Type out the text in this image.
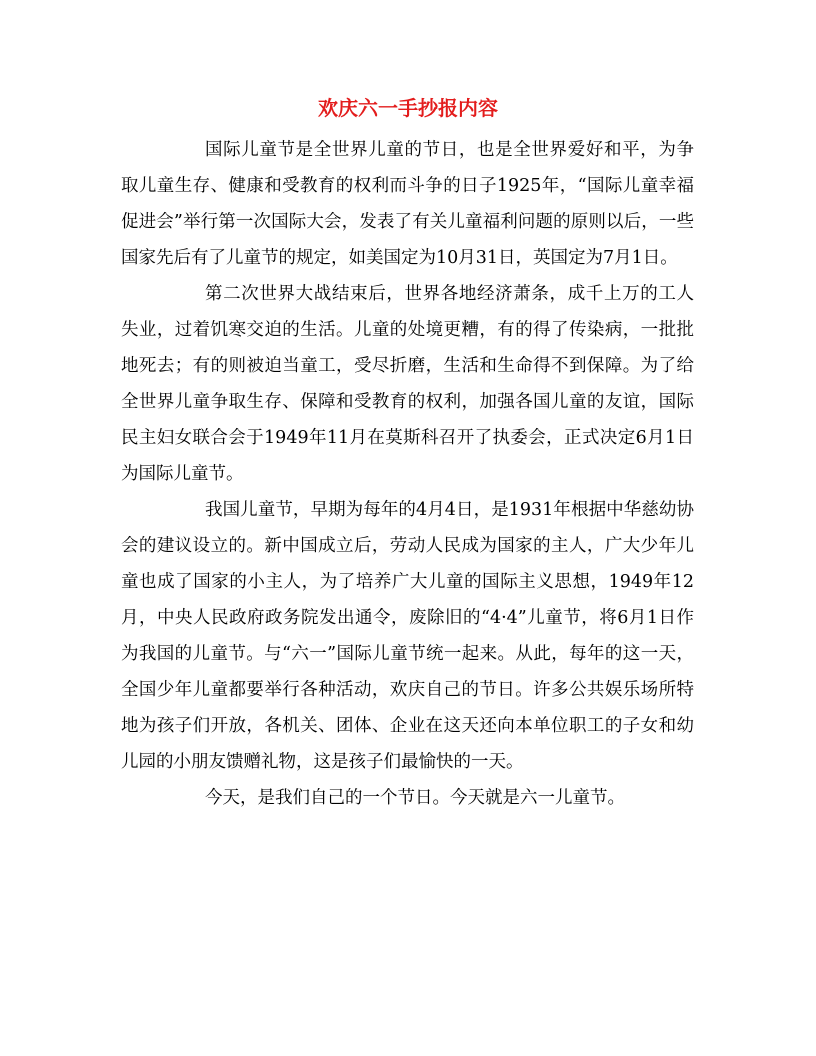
欢庆六一手抄报内容

国际儿童节是全世界儿童的节日，也是全世界爱好和平，为争取儿童生存、健康和受教育的权利而斗争的日子1925年，“国际儿童幸福促进会”举行第一次国际大会，发表了有关儿童福利问题的原则以后，一些国家先后有了儿童节的规定，如美国定为10月31日，英国定为7月1日。

第二次世界大战结束后，世界各地经济萧条，成千上万的工人失业，过着饥寒交迫的生活。儿童的处境更糟，有的得了传染病，一批批地死去；有的则被迫当童工，受尽折磨，生活和生命得不到保障。为了给全世界儿童争取生存、保障和受教育的权利，加强各国儿童的友谊，国际民主妇女联合会于1949年11月在莫斯科召开了执委会，正式决定6月1日为国际儿童节。

我国儿童节，早期为每年的4月4日，是1931年根据中华慈幼协会的建议设立的。新中国成立后，劳动人民成为国家的主人，广大少年儿童也成了国家的小主人，为了培养广大儿童的国际主义思想，1949年12月，中央人民政府政务院发出通令，废除旧的“4·4”儿童节，将6月1日作为我国的儿童节。与“六一”国际儿童节统一起来。从此，每年的这一天，全国少年儿童都要举行各种活动，欢庆自己的节日。许多公共娱乐场所特地为孩子们开放，各机关、团体、企业在这天还向本单位职工的子女和幼儿园的小朋友馈赠礼物，这是孩子们最愉快的一天。

今天，是我们自己的一个节日。今天就是六一儿童节。
